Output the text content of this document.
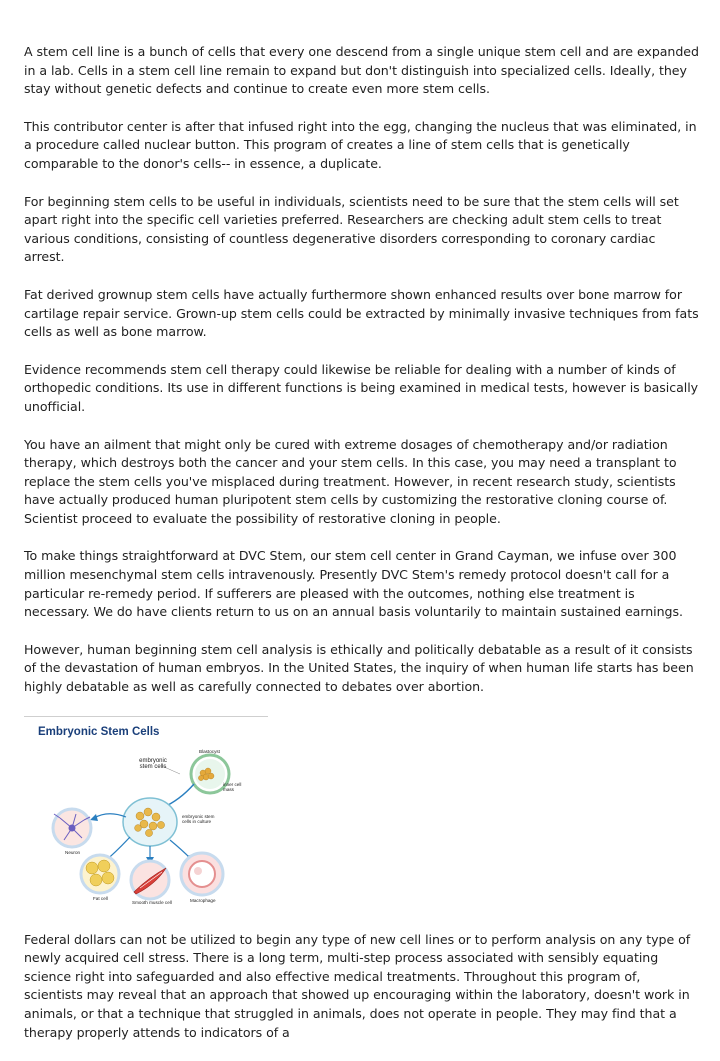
A stem cell line is a bunch of cells that every one descend from a single unique stem cell and are expanded in a lab. Cells in a stem cell line remain to expand but don't distinguish into specialized cells. Ideally, they stay without genetic defects and continue to create even more stem cells.

This contributor center is after that infused right into the egg, changing the nucleus that was eliminated, in a procedure called nuclear button. This program of creates a line of stem cells that is genetically comparable to the donor's cells-- in essence, a duplicate.

For beginning stem cells to be useful in individuals, scientists need to be sure that the stem cells will set apart right into the specific cell varieties preferred. Researchers are checking adult stem cells to treat various conditions, consisting of countless degenerative disorders corresponding to coronary cardiac arrest.

Fat derived grownup stem cells have actually furthermore shown enhanced results over bone marrow for cartilage repair service. Grown-up stem cells could be extracted by minimally invasive techniques from fats cells as well as bone marrow.

Evidence recommends stem cell therapy could likewise be reliable for dealing with a number of kinds of orthopedic conditions. Its use in different functions is being examined in medical tests, however is basically unofficial.

You have an ailment that might only be cured with extreme dosages of chemotherapy and/or radiation therapy, which destroys both the cancer and your stem cells. In this case, you may need a transplant to replace the stem cells you've misplaced during treatment. However, in recent research study, scientists have actually produced human pluripotent stem cells by customizing the restorative cloning course of. Scientist proceed to evaluate the possibility of restorative cloning in people.

To make things straightforward at DVC Stem, our stem cell center in Grand Cayman, we infuse over 300 million mesenchymal stem cells intravenously. Presently DVC Stem's remedy protocol doesn't call for a particular re-remedy period. If sufferers are pleased with the outcomes, nothing else treatment is necessary. We do have clients return to us on an annual basis voluntarily to maintain sustained earnings.

However, human beginning stem cell analysis is ethically and politically debatable as a result of it consists of the devastation of human embryos. In the United States, the inquiry of when human life starts has been highly debatable as well as carefully connected to debates over abortion.

Embryonic Stem Cells
Blastocyst
embryonic
stem cells
inner cell
mass
embryonic stem
cells in culture
Neuron
Fat cell
Smooth muscle cell	Macrophage

Federal dollars can not be utilized to begin any type of new cell lines or to perform analysis on any type of newly acquired cell stress. There is a long term, multi-step process associated with sensibly equating science right into safeguarded and also effective medical treatments. Throughout this program of, scientists may reveal that an approach that showed up encouraging within the laboratory, doesn't work in animals, or that a technique that struggled in animals, does not operate in people. They may find that a therapy properly attends to indicators of a
